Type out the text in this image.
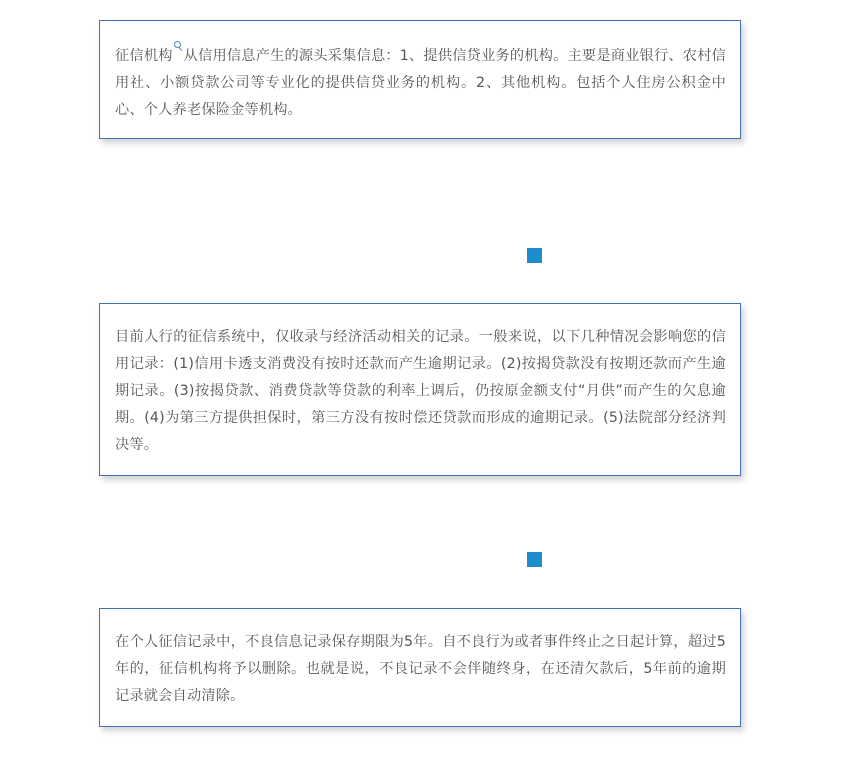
征信机构 从信用信息产生的源头采集信息：1、提供信贷业务的机构。主要是商业银行、农村信用社、小额贷款公司等专业化的提供信贷业务的机构。2、其他机构。包括个人住房公积金中心、个人养老保险金等机构。

目前人行的征信系统中，仅收录与经济活动相关的记录。一般来说，以下几种情况会影响您的信用记录：(1)信用卡透支消费没有按时还款而产生逾期记录。(2)按揭贷款没有按期还款而产生逾期记录。(3)按揭贷款、消费贷款等贷款的利率上调后，仍按原金额支付“月供”而产生的欠息逾期。(4)为第三方提供担保时，第三方没有按时偿还贷款而形成的逾期记录。(5)法院部分经济判决等。

在个人征信记录中，不良信息记录保存期限为5年。自不良行为或者事件终止之日起计算，超过5年的，征信机构将予以删除。也就是说，不良记录不会伴随终身，在还清欠款后，5年前的逾期记录就会自动清除。
